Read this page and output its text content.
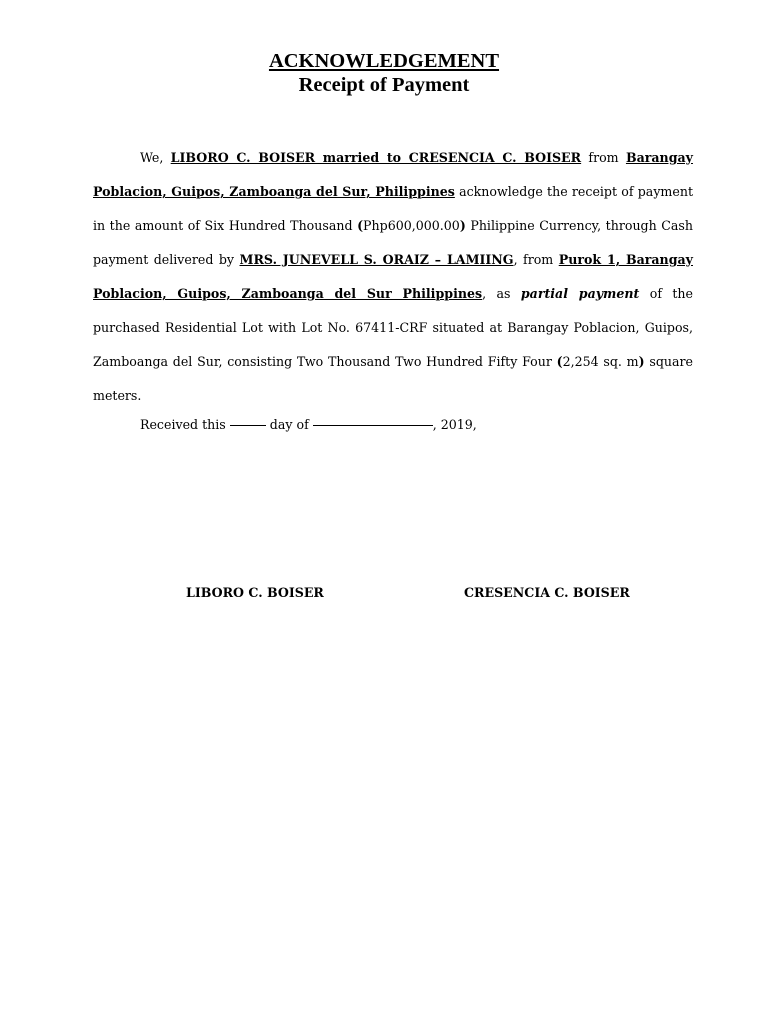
ACKNOWLEDGEMENT
Receipt of Payment

We, LIBORO C. BOISER married to CRESENCIA C. BOISER from Barangay Poblacion, Guipos, Zamboanga del Sur, Philippines acknowledge the receipt of payment in the amount of Six Hundred Thousand (Php600,000.00) Philippine Currency, through Cash payment delivered by MRS. JUNEVELL S. ORAIZ – LAMIING, from Purok 1, Barangay Poblacion, Guipos, Zamboanga del Sur Philippines, as partial payment of the purchased Residential Lot with Lot No. 67411-CRF situated at Barangay Poblacion, Guipos, Zamboanga del Sur, consisting Two Thousand Two Hundred Fifty Four (2,254 sq. m) square meters.

Received this	day of	, 2019,

LIBORO C. BOISER	CRESENCIA C. BOISER
